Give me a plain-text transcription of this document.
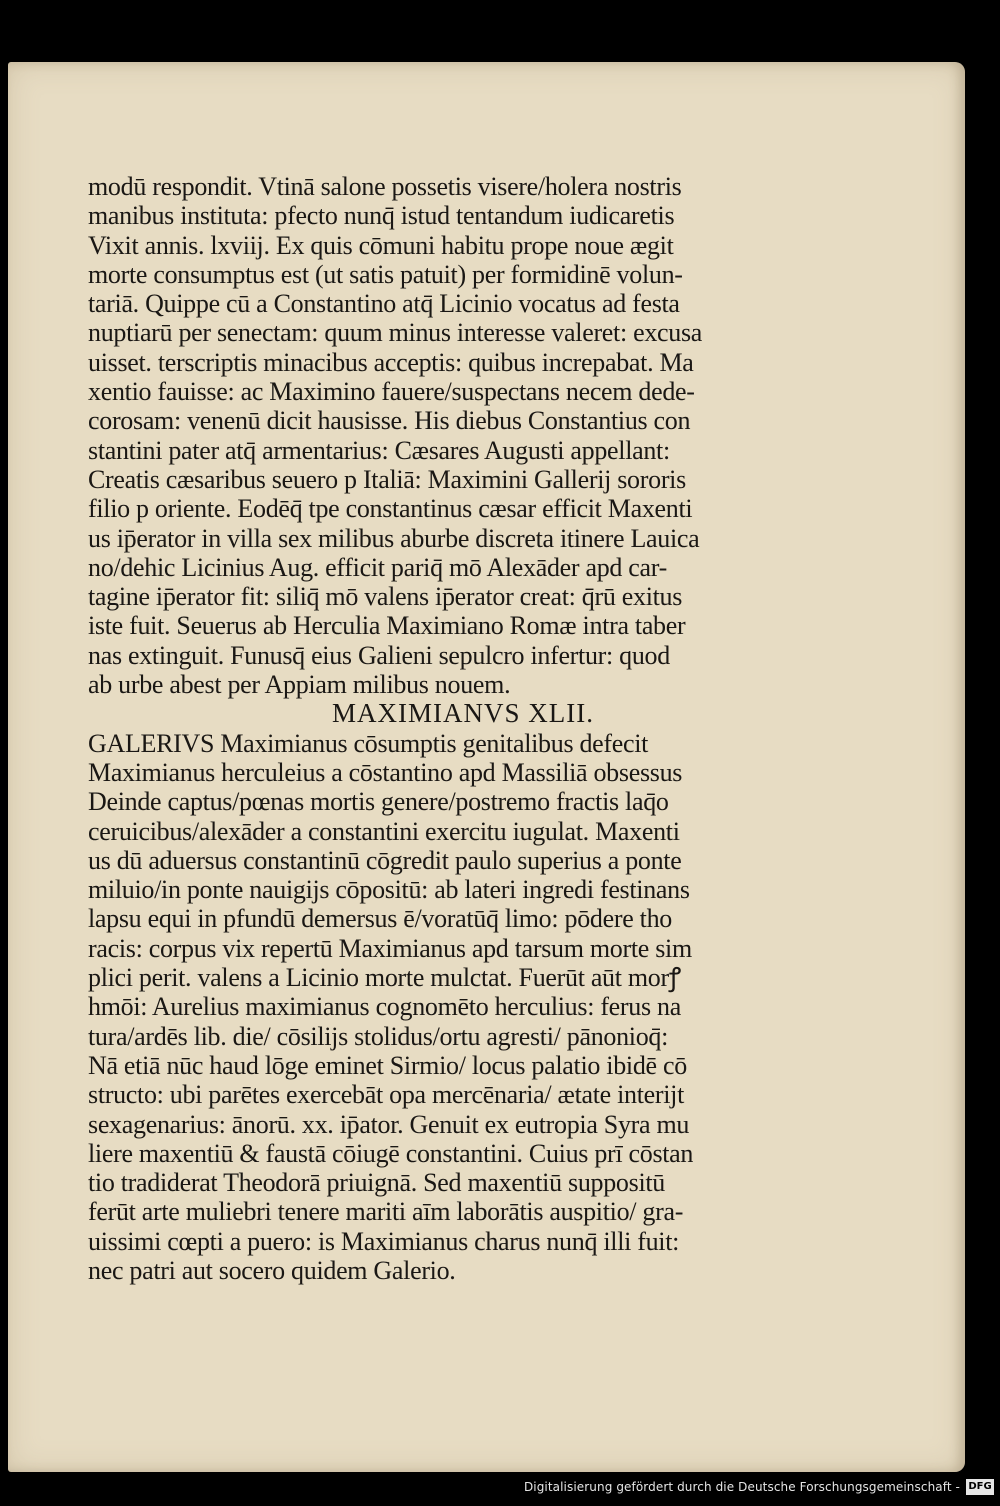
modū respondit. Vtinā salone possetis visere/holera nostris
manibus instituta: pfecto nunq̄ istud tentandum iudicaretis
Vixit annis. lxviij. Ex quis cōmuni habitu prope noue ægit
morte consumptus est (ut satis patuit) per formidinē volun-
tariā. Quippe cū a Constantino atq̄ Licinio vocatus ad festa
nuptiarū per senectam: quum minus interesse valeret: excusa
uisset. terscriptis minacibus acceptis: quibus increpabat. Ma
xentio fauisse: ac Maximino fauere/suspectans necem dede-
corosam: venenū dicit hausisse. His diebus Constantius con
stantini pater atq̄ armentarius: Cæsares Augusti appellant:
Creatis cæsaribus seuero p Italiā: Maximini Gallerij sororis
filio p oriente. Eodēq̄ tpe constantinus cæsar efficit Maxenti
us ip̄erator in villa sex milibus aburbe discreta itinere Lauica
no/dehic Licinius Aug. efficit pariq̄ mō Alexāder apd car-
tagine ip̄erator fit: siliq̄ mō valens ip̄erator creat: q̄rū exitus
iste fuit. Seuerus ab Herculia Maximiano Romæ intra taber
nas extinguit. Funusq̄ eius Galieni sepulcro infertur: quod
ab urbe abest per Appiam milibus nouem.
MAXIMIANVS XLII.
GALERIVS Maximianus cōsumptis genitalibus defecit
Maximianus herculeius a cōstantino apd Massiliā obsessus
Deinde captus/pœnas mortis genere/postremo fractis laq̄o
ceruicibus/alexāder a constantini exercitu iugulat. Maxenti
us dū aduersus constantinū cōgredit paulo superius a ponte
miluio/in ponte nauigijs cōpositū: ab lateri ingredi festinans
lapsu equi in pfundū demersus ē/voratūq̄ limo: pōdere tho
racis: corpus vix repertū Maximianus apd tarsum morte sim
plici perit. valens a Licinio morte mulctat. Fuerūt aūt morꝭ
hmōi: Aurelius maximianus cognomēto herculius: ferus na
tura/ardēs lib. die/ cōsilijs stolidus/ortu agresti/ pānonioq̄:
Nā etiā nūc haud lōge eminet Sirmio/ locus palatio ibidē cō
structo: ubi parētes exercebāt opa mercēnaria/ ætate interijt
sexagenarius: ānorū. xx. ip̄ator. Genuit ex eutropia Syra mu
liere maxentiū & faustā cōiugē constantini. Cuius prī cōstan
tio tradiderat Theodorā priuignā. Sed maxentiū suppositū
ferūt arte muliebri tenere mariti aīm laborātis auspitio/ gra-
uissimi cœpti a puero: is Maximianus charus nunq̄ illi fuit:
nec patri aut socero quidem Galerio.
Digitalisierung gefördert durch die Deutsche Forschungsgemeinschaft - DFG
